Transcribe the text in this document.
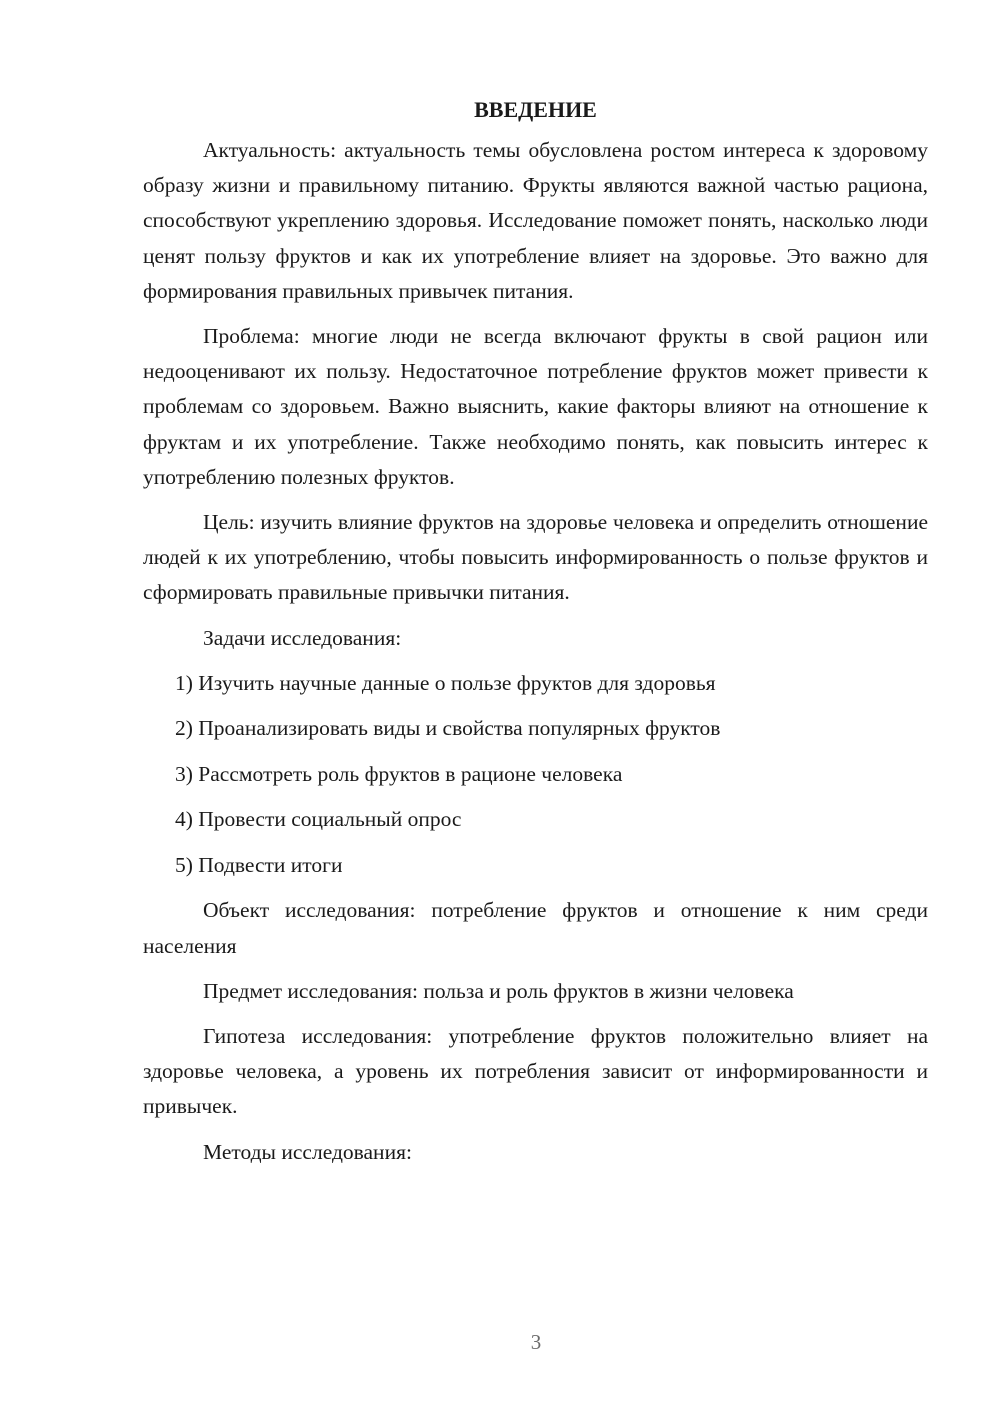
ВВЕДЕНИЕ

Актуальность: актуальность темы обусловлена ростом интереса к здоровому образу жизни и правильному питанию. Фрукты являются важной частью рациона, способствуют укреплению здоровья. Исследование поможет понять, насколько люди ценят пользу фруктов и как их употребление влияет на здоровье. Это важно для формирования правильных привычек питания.

Проблема: многие люди не всегда включают фрукты в свой рацион или недооценивают их пользу. Недостаточное потребление фруктов может привести к проблемам со здоровьем. Важно выяснить, какие факторы влияют на отношение к фруктам и их употребление. Также необходимо понять, как повысить интерес к употреблению полезных фруктов.

Цель: изучить влияние фруктов на здоровье человека и определить отношение людей к их употреблению, чтобы повысить информированность о пользе фруктов и сформировать правильные привычки питания.

Задачи исследования:

1) Изучить научные данные о пользе фруктов для здоровья
2) Проанализировать виды и свойства популярных фруктов
3) Рассмотреть роль фруктов в рационе человека
4) Провести социальный опрос
5) Подвести итоги

Объект исследования: потребление фруктов и отношение к ним среди населения

Предмет исследования: польза и роль фруктов в жизни человека

Гипотеза исследования: употребление фруктов положительно влияет на здоровье человека, а уровень их потребления зависит от информированности и привычек.

Методы исследования:

3
